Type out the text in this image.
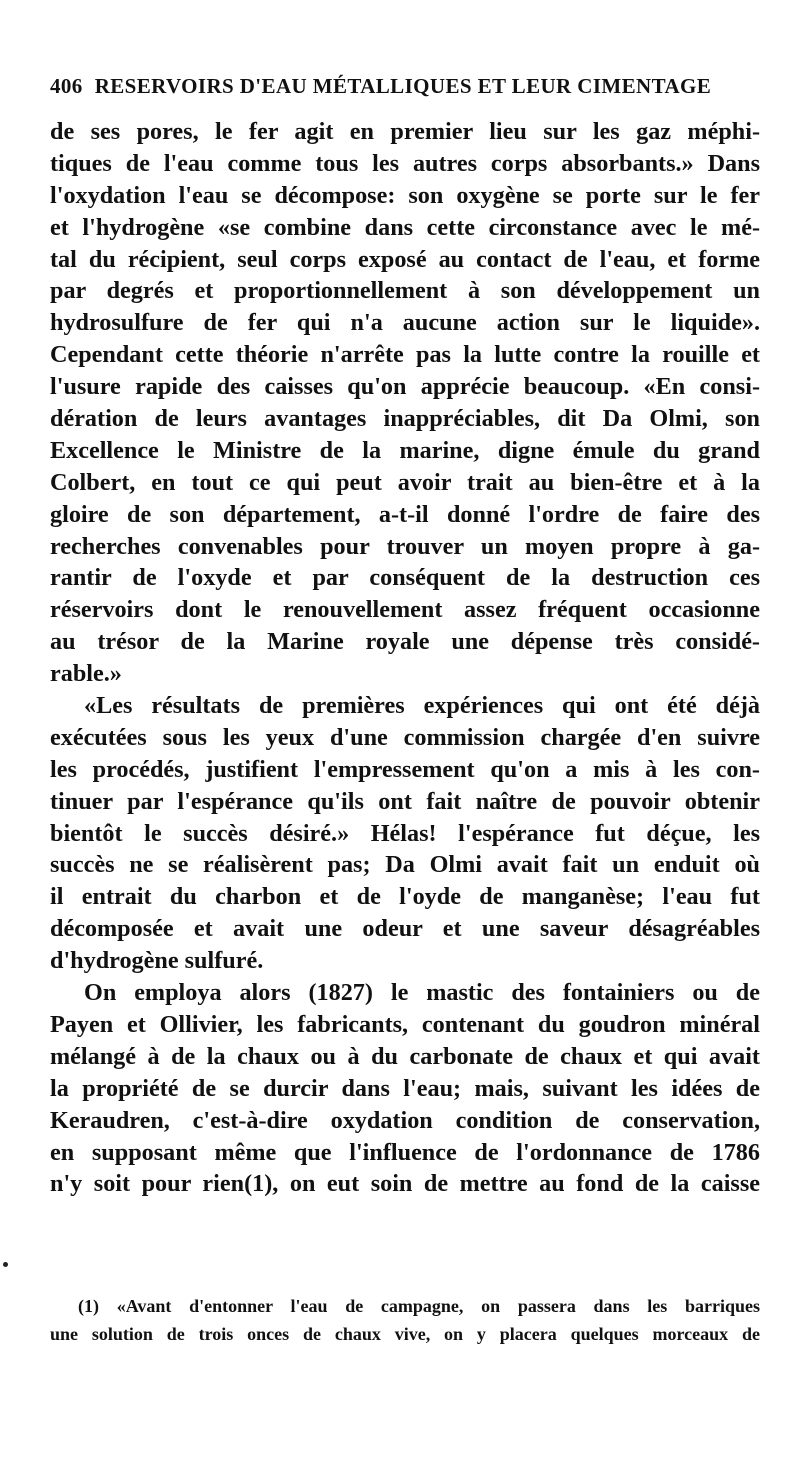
406 RESERVOIRS D'EAU MÉTALLIQUES ET LEUR CIMENTAGE
de ses pores, le fer agit en premier lieu sur les gaz méphi-
tiques de l'eau comme tous les autres corps absorbants.» Dans
l'oxydation l'eau se décompose: son oxygène se porte sur le fer
et l'hydrogène «se combine dans cette circonstance avec le mé-
tal du récipient, seul corps exposé au contact de l'eau, et forme
par degrés et proportionnellement à son développement un
hydrosulfure de fer qui n'a aucune action sur le liquide».
Cependant cette théorie n'arrête pas la lutte contre la rouille et
l'usure rapide des caisses qu'on apprécie beaucoup. «En consi-
dération de leurs avantages inappréciables, dit Da Olmi, son
Excellence le Ministre de la marine, digne émule du grand
Colbert, en tout ce qui peut avoir trait au bien-être et à la
gloire de son département, a-t-il donné l'ordre de faire des
recherches convenables pour trouver un moyen propre à ga-
rantir de l'oxyde et par conséquent de la destruction ces
réservoirs dont le renouvellement assez fréquent occasionne
au trésor de la Marine royale une dépense très considé-
rable.»
«Les résultats de premières expériences qui ont été déjà
exécutées sous les yeux d'une commission chargée d'en suivre
les procédés, justifient l'empressement qu'on a mis à les con-
tinuer par l'espérance qu'ils ont fait naître de pouvoir obtenir
bientôt le succès désiré.» Hélas! l'espérance fut déçue, les
succès ne se réalisèrent pas; Da Olmi avait fait un enduit où
il entrait du charbon et de l'oyde de manganèse; l'eau fut
décomposée et avait une odeur et une saveur désagréables
d'hydrogène sulfuré.
On employa alors (1827) le mastic des fontainiers ou de
Payen et Ollivier, les fabricants, contenant du goudron minéral
mélangé à de la chaux ou à du carbonate de chaux et qui avait
la propriété de se durcir dans l'eau; mais, suivant les idées de
Keraudren, c'est-à-dire oxydation condition de conservation,
en supposant même que l'influence de l'ordonnance de 1786
n'y soit pour rien(1), on eut soin de mettre au fond de la caisse
(1) «Avant d'entonner l'eau de campagne, on passera dans les barriques
une solution de trois onces de chaux vive, on y placera quelques morceaux de
